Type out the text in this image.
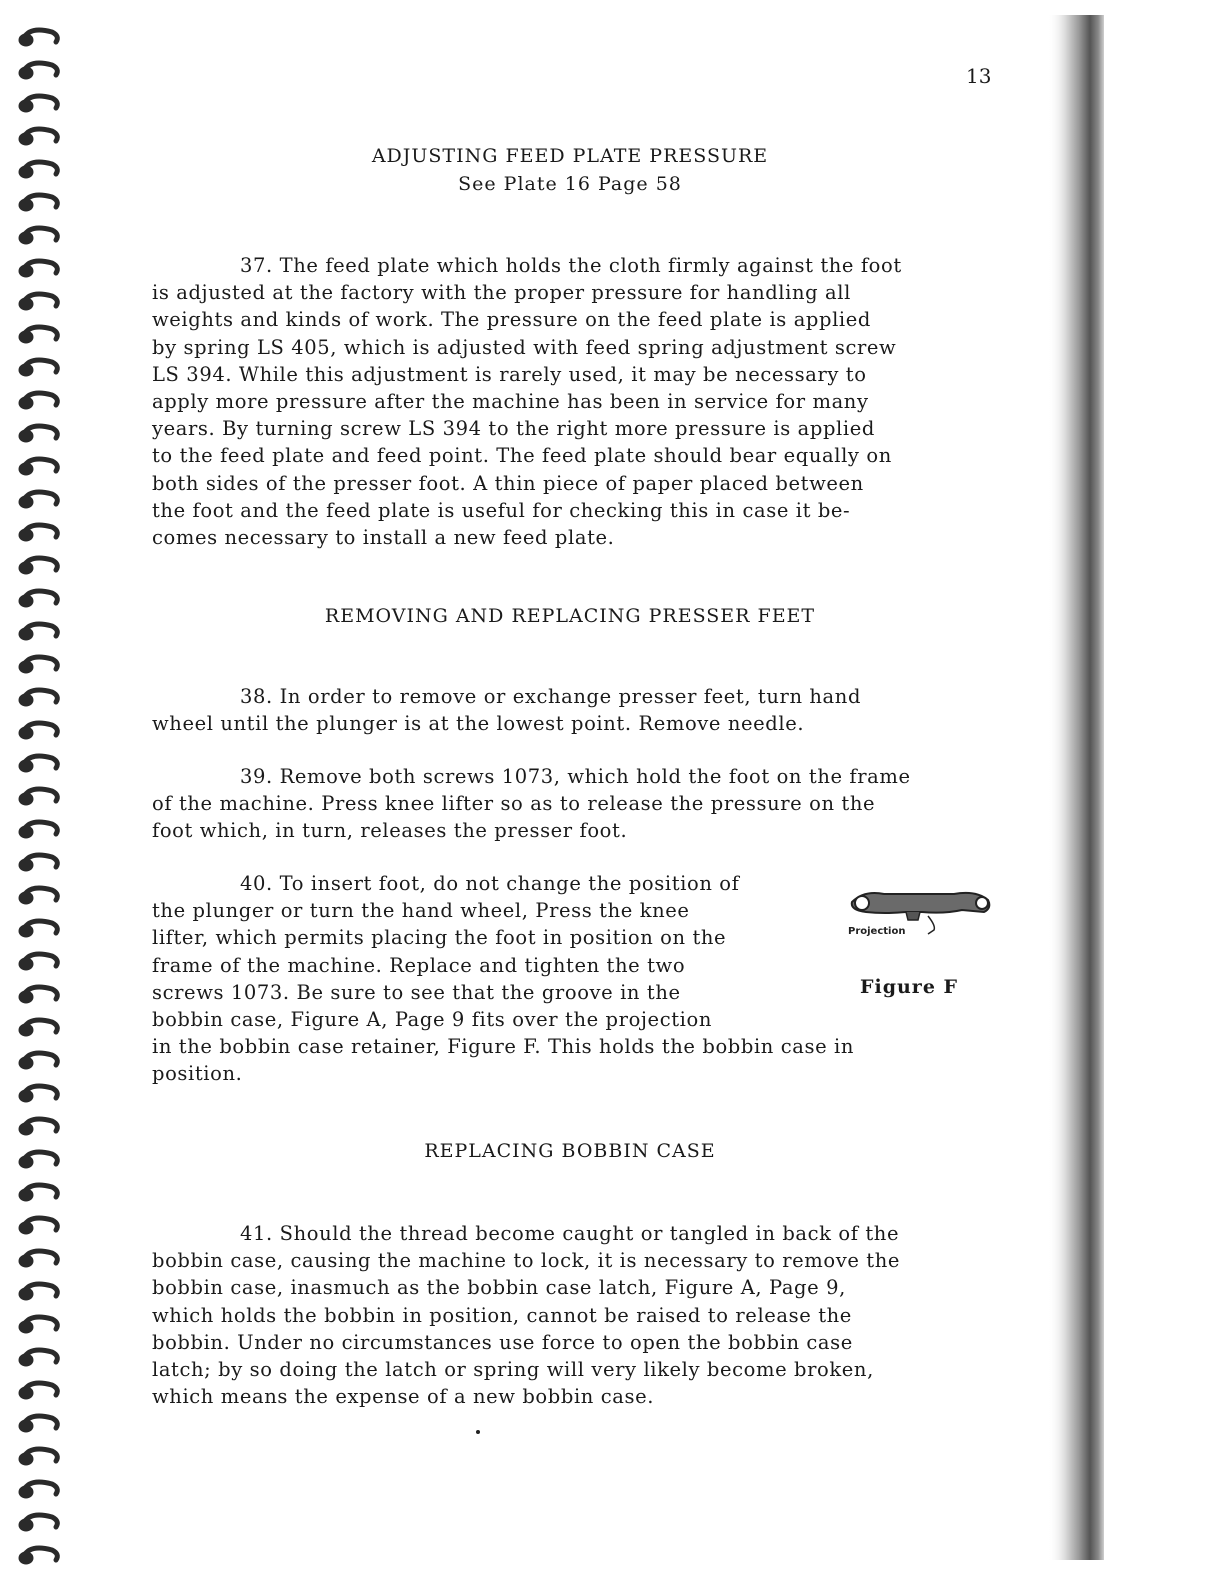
13
ADJUSTING FEED PLATE PRESSURE
See Plate 16 Page 58
37. The feed plate which holds the cloth firmly against the foot
is adjusted at the factory with the proper pressure for handling all
weights and kinds of work. The pressure on the feed plate is applied
by spring LS 405, which is adjusted with feed spring adjustment screw
LS 394. While this adjustment is rarely used, it may be necessary to
apply more pressure after the machine has been in service for many
years. By turning screw LS 394 to the right more pressure is applied
to the feed plate and feed point. The feed plate should bear equally on
both sides of the presser foot. A thin piece of paper placed between
the foot and the feed plate is useful for checking this in case it be-
comes necessary to install a new feed plate.
REMOVING AND REPLACING PRESSER FEET
38. In order to remove or exchange presser feet, turn hand
wheel until the plunger is at the lowest point. Remove needle.
39. Remove both screws 1073, which hold the foot on the frame
of the machine. Press knee lifter so as to release the pressure on the
foot which, in turn, releases the presser foot.
40. To insert foot, do not change the position of
the plunger or turn the hand wheel, Press the knee
lifter, which permits placing the foot in position on the
frame of the machine. Replace and tighten the two
screws 1073. Be sure to see that the groove in the
bobbin case, Figure A, Page 9 fits over the projection
in the bobbin case retainer, Figure F. This holds the bobbin case in
position.
Projection
Figure F
REPLACING BOBBIN CASE
41. Should the thread become caught or tangled in back of the
bobbin case, causing the machine to lock, it is necessary to remove the
bobbin case, inasmuch as the bobbin case latch, Figure A, Page 9,
which holds the bobbin in position, cannot be raised to release the
bobbin. Under no circumstances use force to open the bobbin case
latch; by so doing the latch or spring will very likely become broken,
which means the expense of a new bobbin case.
